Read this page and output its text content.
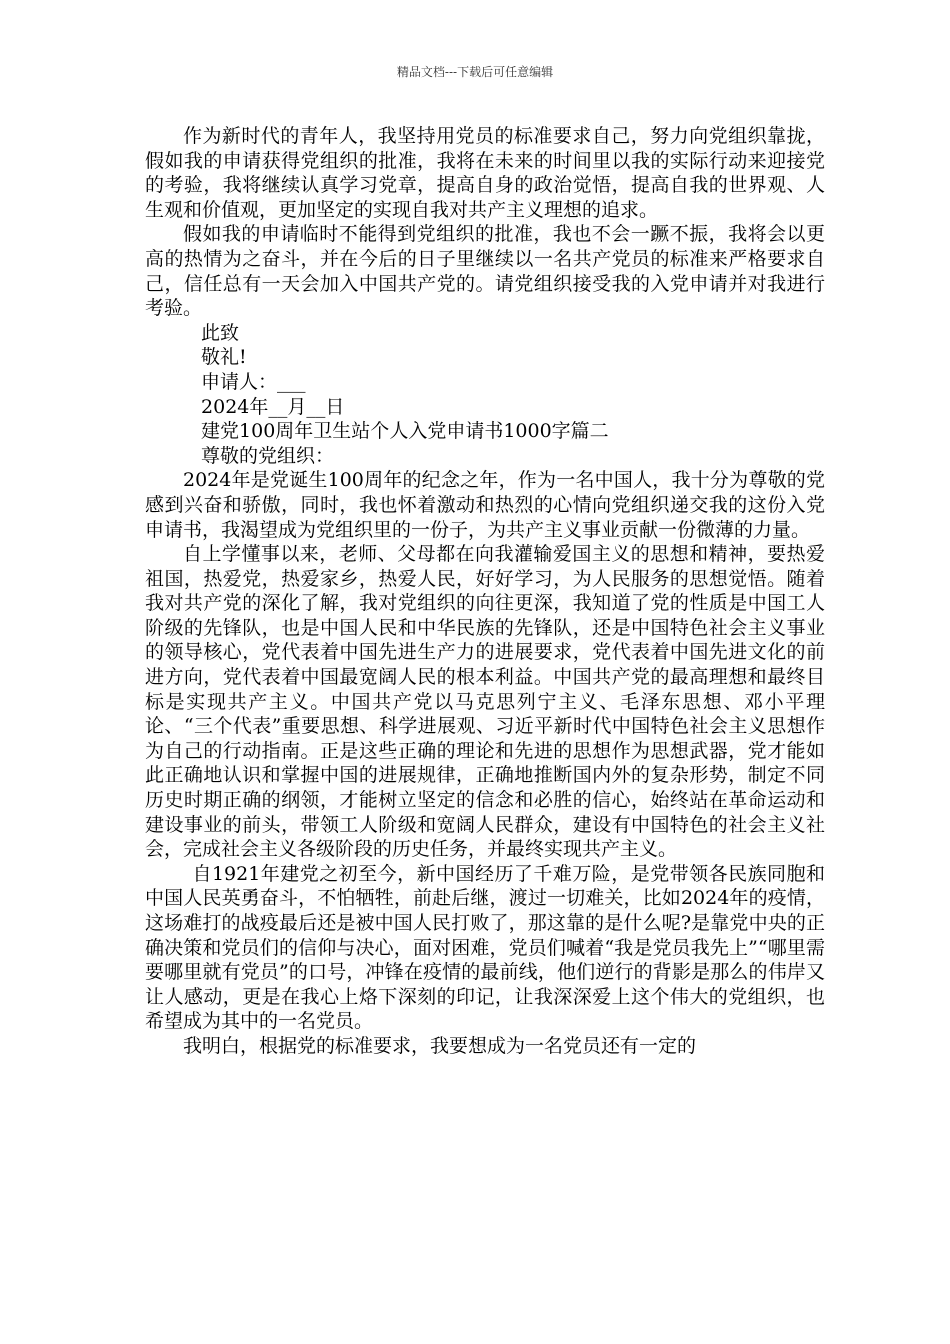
精品文档---下载后可任意编辑

作为新时代的青年人，我坚持用党员的标准要求自己，努力向党组织靠拢，假如我的申请获得党组织的批准，我将在未来的时间里以我的实际行动来迎接党的考验，我将继续认真学习党章，提高自身的政治觉悟，提高自我的世界观、人生观和价值观，更加坚定的实现自我对共产主义理想的追求。

假如我的申请临时不能得到党组织的批准，我也不会一蹶不振，我将会以更高的热情为之奋斗，并在今后的日子里继续以一名共产党员的标准来严格要求自己，信任总有一天会加入中国共产党的。请党组织接受我的入党申请并对我进行考验。

此致

敬礼!

申请人：___

2024年__月__日

建党100周年卫生站个人入党申请书1000字篇二

尊敬的党组织：

2024年是党诞生100周年的纪念之年，作为一名中国人，我十分为尊敬的党感到兴奋和骄傲，同时，我也怀着激动和热烈的心情向党组织递交我的这份入党申请书，我渴望成为党组织里的一份子，为共产主义事业贡献一份微薄的力量。

自上学懂事以来，老师、父母都在向我灌输爱国主义的思想和精神，要热爱祖国，热爱党，热爱家乡，热爱人民，好好学习，为人民服务的思想觉悟。随着我对共产党的深化了解，我对党组织的向往更深，我知道了党的性质是中国工人阶级的先锋队，也是中国人民和中华民族的先锋队，还是中国特色社会主义事业的领导核心，党代表着中国先进生产力的进展要求，党代表着中国先进文化的前进方向，党代表着中国最宽阔人民的根本利益。中国共产党的最高理想和最终目标是实现共产主义。中国共产党以马克思列宁主义、毛泽东思想、邓小平理论、“三个代表”重要思想、科学进展观、习近平新时代中国特色社会主义思想作为自己的行动指南。正是这些正确的理论和先进的思想作为思想武器，党才能如此正确地认识和掌握中国的进展规律，正确地推断国内外的复杂形势，制定不同历史时期正确的纲领，才能树立坚定的信念和必胜的信心，始终站在革命运动和建设事业的前头，带领工人阶级和宽阔人民群众，建设有中国特色的社会主义社会，完成社会主义各级阶段的历史任务，并最终实现共产主义。

自1921年建党之初至今，新中国经历了千难万险，是党带领各民族同胞和中国人民英勇奋斗，不怕牺牲，前赴后继，渡过一切难关，比如2024年的疫情，这场难打的战疫最后还是被中国人民打败了，那这靠的是什么呢?是靠党中央的正确决策和党员们的信仰与决心，面对困难，党员们喊着“我是党员我先上”“哪里需要哪里就有党员”的口号，冲锋在疫情的最前线，他们逆行的背影是那么的伟岸又让人感动，更是在我心上烙下深刻的印记，让我深深爱上这个伟大的党组织，也希望成为其中的一名党员。

我明白，根据党的标准要求，我要想成为一名党员还有一定的
